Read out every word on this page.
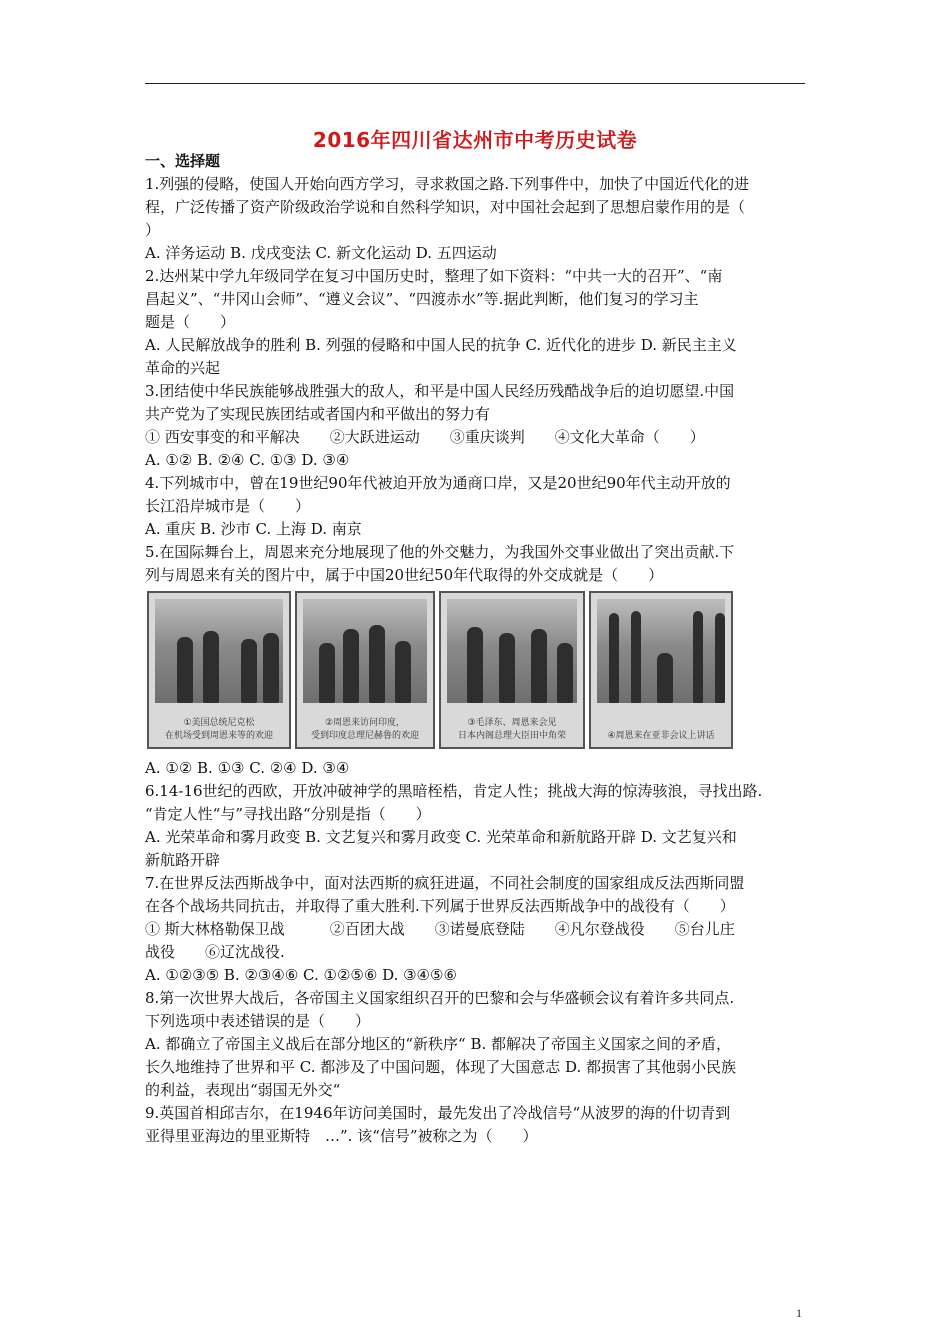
2016年四川省达州市中考历史试卷
一、选择题
1.列强的侵略，使国人开始向西方学习，寻求救国之路.下列事件中，加快了中国近代化的进
程，广泛传播了资产阶级政治学说和自然科学知识，对中国社会起到了思想启蒙作用的是（
）
A. 洋务运动 B. 戊戌变法 C. 新文化运动 D. 五四运动
2.达州某中学九年级同学在复习中国历史时，整理了如下资料：“中共一大的召开”、“南
昌起义”、“井冈山会师”、“遵义会议”、“四渡赤水”等.据此判断，他们复习的学习主
题是（　　）
A. 人民解放战争的胜利 B. 列强的侵略和中国人民的抗争 C. 近代化的进步 D. 新民主主义
革命的兴起
3.团结使中华民族能够战胜强大的敌人，和平是中国人民经历残酷战争后的迫切愿望.中国
共产党为了实现民族团结或者国内和平做出的努力有
① 西安事变的和平解决　　②大跃进运动　　③重庆谈判　　④文化大革命（　　）
A. ①② B. ②④ C. ①③ D. ③④
4.下列城市中，曾在19世纪90年代被迫开放为通商口岸，又是20世纪90年代主动开放的
长江沿岸城市是（　　）
A. 重庆 B. 沙市 C. 上海 D. 南京
5.在国际舞台上，周恩来充分地展现了他的外交魅力，为我国外交事业做出了突出贡献.下
列与周恩来有关的图片中，属于中国20世纪50年代取得的外交成就是（　　）
①美国总统尼克松
在机场受到周恩来等的欢迎
②周恩来访问印度，
受到印度总理尼赫鲁的欢迎
③毛泽东、周恩来会见
日本内阁总理大臣田中角荣	④周恩来在亚非会议上讲话
A. ①② B. ①③ C. ②④ D. ③④
6.14-16世纪的西欧，开放冲破神学的黑暗桎梏，肯定人性；挑战大海的惊涛骇浪，寻找出路.
“肯定人性“与”寻找出路“分别是指（　　）
A. 光荣革命和雾月政变 B. 文艺复兴和雾月政变 C. 光荣革命和新航路开辟 D. 文艺复兴和
新航路开辟
7.在世界反法西斯战争中，面对法西斯的疯狂进逼，不同社会制度的国家组成反法西斯同盟
在各个战场共同抗击，并取得了重大胜利.下列属于世界反法西斯战争中的战役有（　　）
① 斯大林格勒保卫战　　　②百团大战　　③诺曼底登陆　　④凡尔登战役　　⑤台儿庄
战役　　⑥辽沈战役.
A. ①②③⑤ B. ②③④⑥ C. ①②⑤⑥ D. ③④⑤⑥
8.第一次世界大战后，各帝国主义国家组织召开的巴黎和会与华盛顿会议有着许多共同点.
下列选项中表述错误的是（　　）
A. 都确立了帝国主义战后在部分地区的“新秩序“ B. 都解决了帝国主义国家之间的矛盾，
长久地维持了世界和平 C. 都涉及了中国问题，体现了大国意志 D. 都损害了其他弱小民族
的利益，表现出“弱国无外交“
9.英国首相邱吉尔，在1946年访问美国时，最先发出了冷战信号“从波罗的海的什切青到
亚得里亚海边的里亚斯特　…”. 该“信号”被称之为（　　）
1
